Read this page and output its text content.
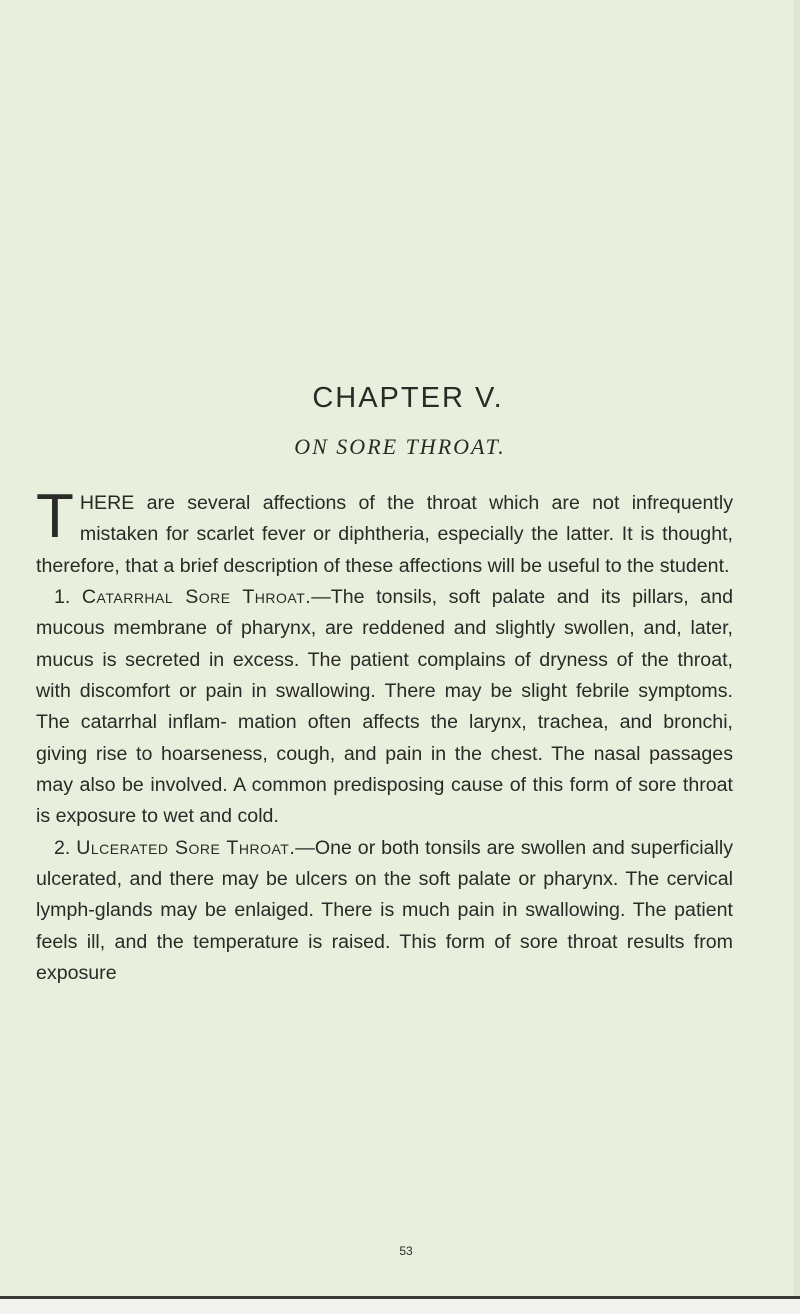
CHAPTER V.
ON SORE THROAT.

THERE are several affections of the throat which are not infrequently mistaken for scarlet fever or diphtheria, especially the latter. It is thought, therefore, that a brief description of these affections will be useful to the student.

1. Catarrhal Sore Throat.—The tonsils, soft palate and its pillars, and mucous membrane of pharynx, are reddened and slightly swollen, and, later, mucus is secreted in excess. The patient complains of dryness of the throat, with discomfort or pain in swallowing. There may be slight febrile symptoms. The catarrhal inflam- mation often affects the larynx, trachea, and bronchi, giving rise to hoarseness, cough, and pain in the chest. The nasal passages may also be involved. A common predisposing cause of this form of sore throat is exposure to wet and cold.

2. Ulcerated Sore Throat.—One or both tonsils are swollen and superficially ulcerated, and there may be ulcers on the soft palate or pharynx. The cervical lymph-glands may be enlaiged. There is much pain in swallowing. The patient feels ill, and the temperature is raised. This form of sore throat results from exposure

53
